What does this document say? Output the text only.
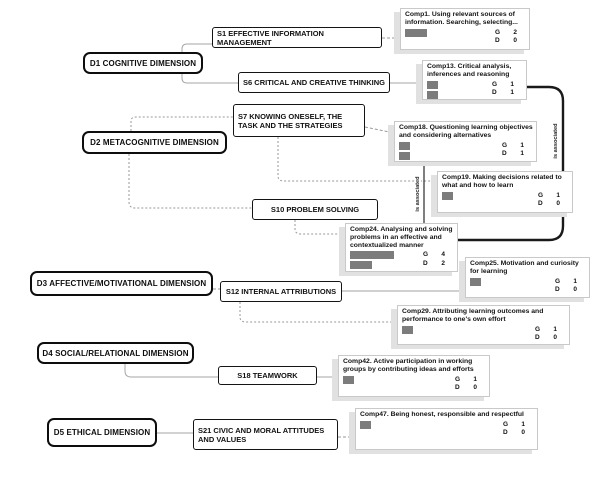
is associated
is associated
D1 COGNITIVE DIMENSION
D2 METACOGNITIVE DIMENSION
D3 AFFECTIVE/MOTIVATIONAL DIMENSION
D4 SOCIAL/RELATIONAL DIMENSION
D5 ETHICAL DIMENSION
S1 EFFECTIVE INFORMATION MANAGEMENT
S6 CRITICAL AND CREATIVE THINKING
S7 KNOWING ONESELF, THE TASK AND THE STRATEGIES
S10 PROBLEM SOLVING
S12 INTERNAL ATTRIBUTIONS
S18 TEAMWORK
S21 CIVIC AND MORAL ATTITUDES AND VALUES
Comp1. Using relevant sources of information. Searching, selecting...
G 2
D 0
Comp13. Critical analysis, inferences and reasoning
G 1
D 1
Comp18. Questioning learning objectives and considering alternatives
G 1
D 1
Comp19. Making decisions related to what and how to learn
G 1
D 0
Comp24. Analysing and solving problems in an effective and contextualized manner
G 4
D 2	Comp25. Motivation and curiosity for learning
G 1
D 0
Comp29. Attributing learning outcomes and performance to one's own effort
G 1
D 0
Comp42. Active participation in working groups by contributing ideas and efforts
G 1
D 0
Comp47. Being honest, responsible and respectful
G 1
D 0
